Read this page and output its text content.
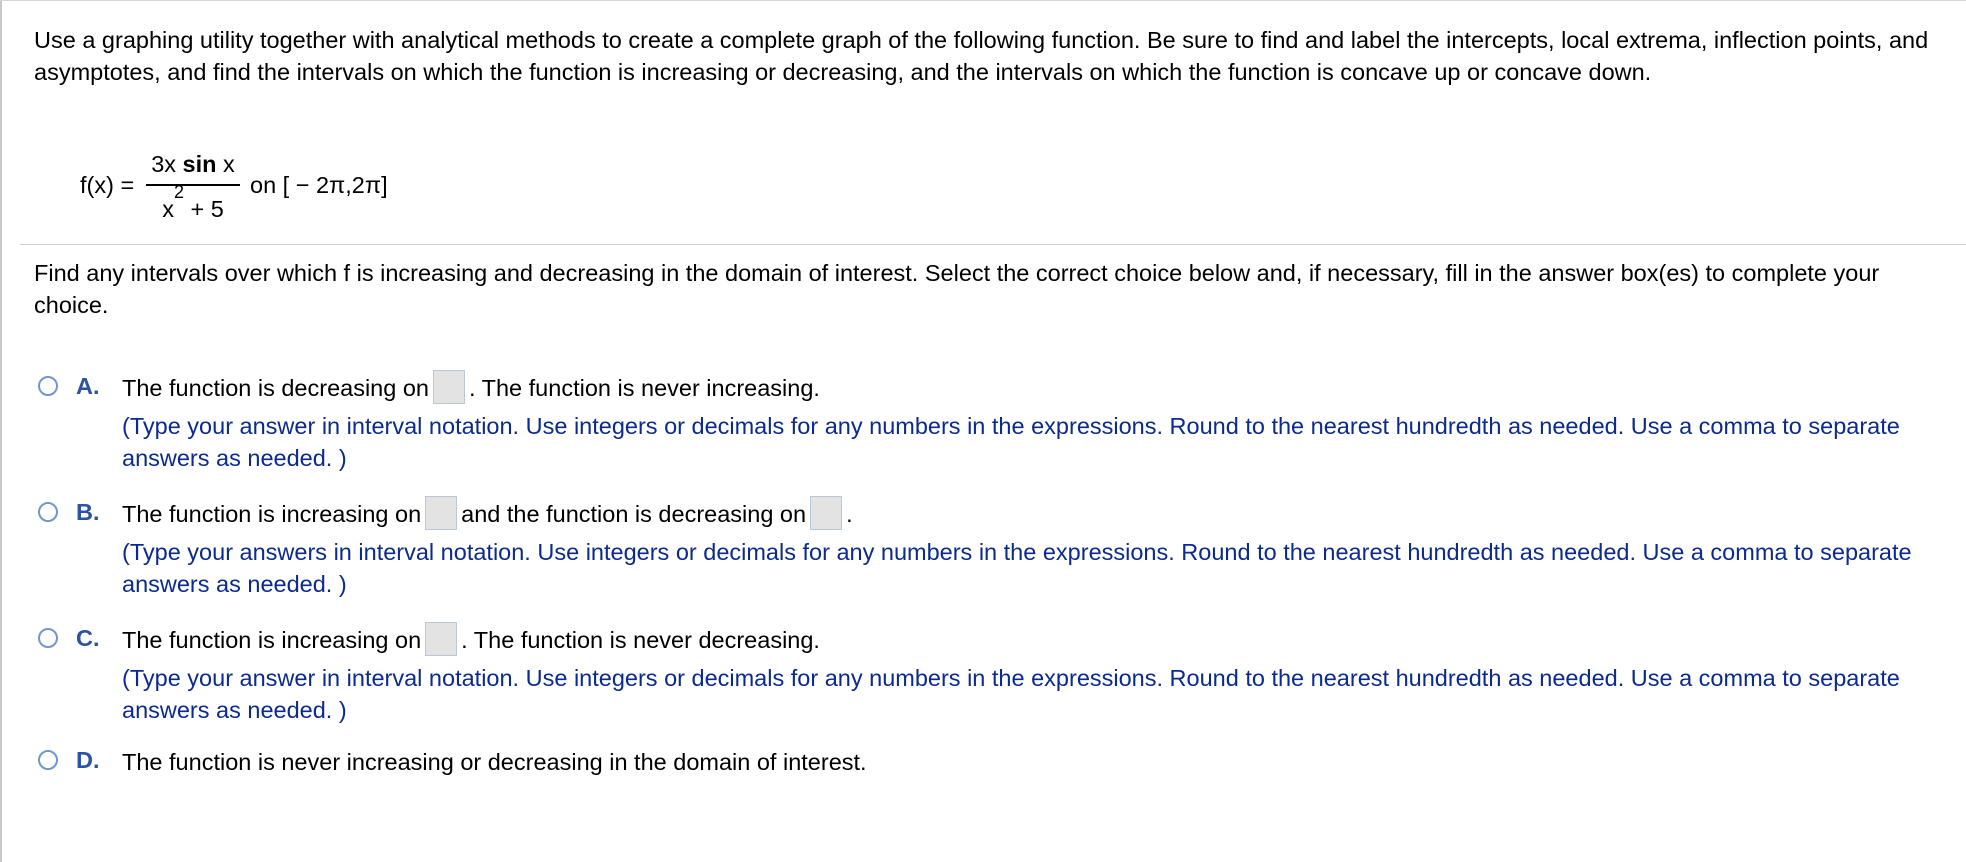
Use a graphing utility together with analytical methods to create a complete graph of the following function. Be sure to find and label the intercepts, local extrema, inflection points, and asymptotes, and find the intervals on which the function is increasing or decreasing, and the intervals on which the function is concave up or concave down.
f(x) =
3x sin x
$x^2 + 5$
on [ − 2π,2π]
Find any intervals over which f is increasing and decreasing in the domain of interest. Select the correct choice below and, if necessary, fill in the answer box(es) to complete your choice.
A. The function is decreasing on . The function is never increasing.
(Type your answer in interval notation. Use integers or decimals for any numbers in the expressions. Round to the nearest hundredth as needed. Use a comma to separate answers as needed. )
B. The function is increasing on and the function is decreasing on .
(Type your answers in interval notation. Use integers or decimals for any numbers in the expressions. Round to the nearest hundredth as needed. Use a comma to separate answers as needed. )
C. The function is increasing on . The function is never decreasing.
(Type your answer in interval notation. Use integers or decimals for any numbers in the expressions. Round to the nearest hundredth as needed. Use a comma to separate answers as needed. )
D. The function is never increasing or decreasing in the domain of interest.
